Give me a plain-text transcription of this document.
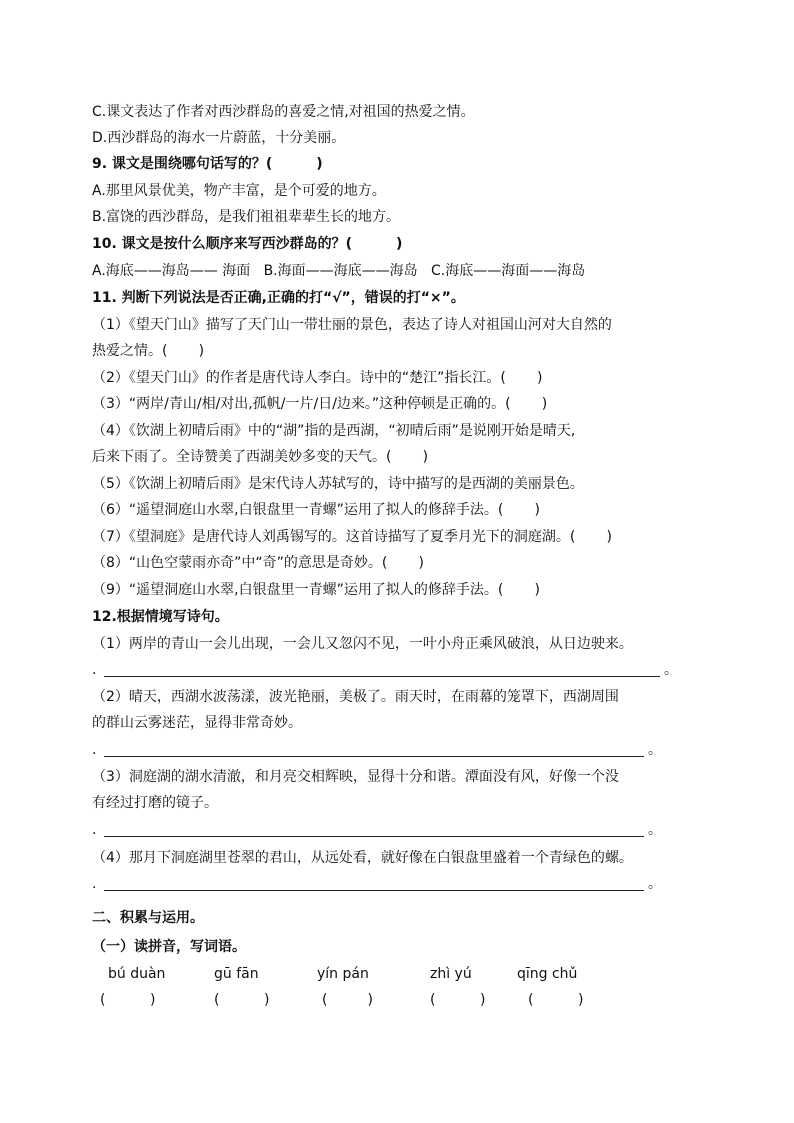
C.课文表达了作者对西沙群岛的喜爱之情,对祖国的热爱之情。
D.西沙群岛的海水一片蔚蓝，十分美丽。
9. 课文是围绕哪句话写的？(         )
A.那里风景优美，物产丰富，是个可爱的地方。
B.富饶的西沙群岛，是我们祖祖辈辈生长的地方。
10. 课文是按什么顺序来写西沙群岛的？(         )
A.海底——海岛—— 海面   B.海面——海底——海岛   C.海底——海面——海岛
11. 判断下列说法是否正确,正确的打“√”，错误的打“×”。
（1）《望天门山》描写了天门山一带壮丽的景色，表达了诗人对祖国山河对大自然的
热爱之情。(       )
（2）《望天门山》的作者是唐代诗人李白。诗中的“楚江”指长江。(       )
（3）“两岸/青山/相/对出,孤帆/一片/日/边来。”这种停顿是正确的。(       )
（4）《饮湖上初晴后雨》中的“湖”指的是西湖，“初晴后雨”是说刚开始是晴天,
后来下雨了。全诗赞美了西湖美妙多变的天气。(       )
（5）《饮湖上初晴后雨》是宋代诗人苏轼写的，诗中描写的是西湖的美丽景色。
（6）“遥望洞庭山水翠,白银盘里一青螺”运用了拟人的修辞手法。(       )
（7）《望洞庭》是唐代诗人刘禹锡写的。这首诗描写了夏季月光下的洞庭湖。(       )
（8）“山色空蒙雨亦奇”中“奇”的意思是奇妙。(       )
（9）“遥望洞庭山水翠,白银盘里一青螺”运用了拟人的修辞手法。(       )
12.根据情境写诗句。
（1）两岸的青山一会儿出现，一会儿又忽闪不见，一叶小舟正乘风破浪，从日边驶来。
.	。
（2）晴天，西湖水波荡漾，波光艳丽，美极了。雨天时，在雨幕的笼罩下，西湖周围
的群山云雾迷茫，显得非常奇妙。
.	。
（3）洞庭湖的湖水清澈，和月亮交相辉映，显得十分和谐。潭面没有风，好像一个没
有经过打磨的镜子。
.	。
（4）那月下洞庭湖里苍翠的君山，从远处看，就好像在白银盘里盛着一个青绿色的螺。
.	。
二、积累与运用。
（一）读拼音，写词语。
bú duàn	gū fān	yín pán	zhì yú	qīng chǔ
(          )	(          )	(         )	(          )	(          )
